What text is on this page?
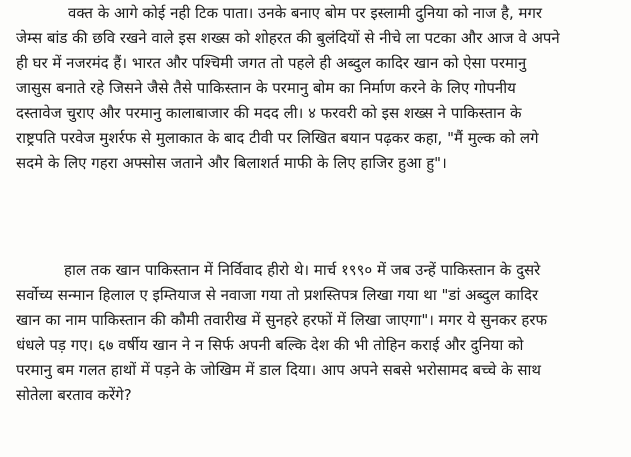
वक्त के आगे कोई नही टिक पाता। उनके बनाए बोम पर इस्लामी दुनिया को नाज है, मगर
जेम्स बांड की छवि रखने वाले इस शख्स को शोहरत की बुलंदियों से नीचे ला पटका और आज वे अपने
ही घर में नजरमंद हैं। भारत और पश्चिमी जगत तो पहले ही अब्दुल कादिर खान को ऐसा परमानु
जासुस बनाते रहे जिसने जैसे तैसे पाकिस्तान के परमानु बोम का निर्माण करने के लिए गोपनीय
दस्तावेज चुराए और परमानु कालाबाजार की मदद ली। ४ फरवरी को इस शख्स ने पाकिस्तान के
राष्ट्रपति परवेज मुशर्रफ से मुलाकात के बाद टीवी पर लिखित बयान पढ़कर कहा, "मैं मुल्क को लगे
सदमे के लिए गहरा अफ्सोस जताने और बिलाशर्त माफी के लिए हाजिर हुआ हु"।
हाल तक खान पाकिस्तान में निर्विवाद हीरो थे। मार्च १९९० में जब उन्हें पाकिस्तान के दुसरे
सर्वोच्य सन्मान हिलाल ए इम्तियाज से नवाजा गया तो प्रशस्तिपत्र लिखा गया था "डां अब्दुल कादिर
खान का नाम पाकिस्तान की कौमी तवारीख में सुनहरे हरफों में लिखा जाएगा"। मगर ये सुनकर हरफ
धंधले पड़ गए। ६७ वर्षीय खान ने न सिर्फ अपनी बल्कि देश की भी तोहिन कराई और दुनिया को
परमानु बम गलत हाथों में पड़ने के जोखिम में डाल दिया। आप अपने सबसे भरोसामद बच्चे के साथ
सोतेला बरताव करेंगे?
